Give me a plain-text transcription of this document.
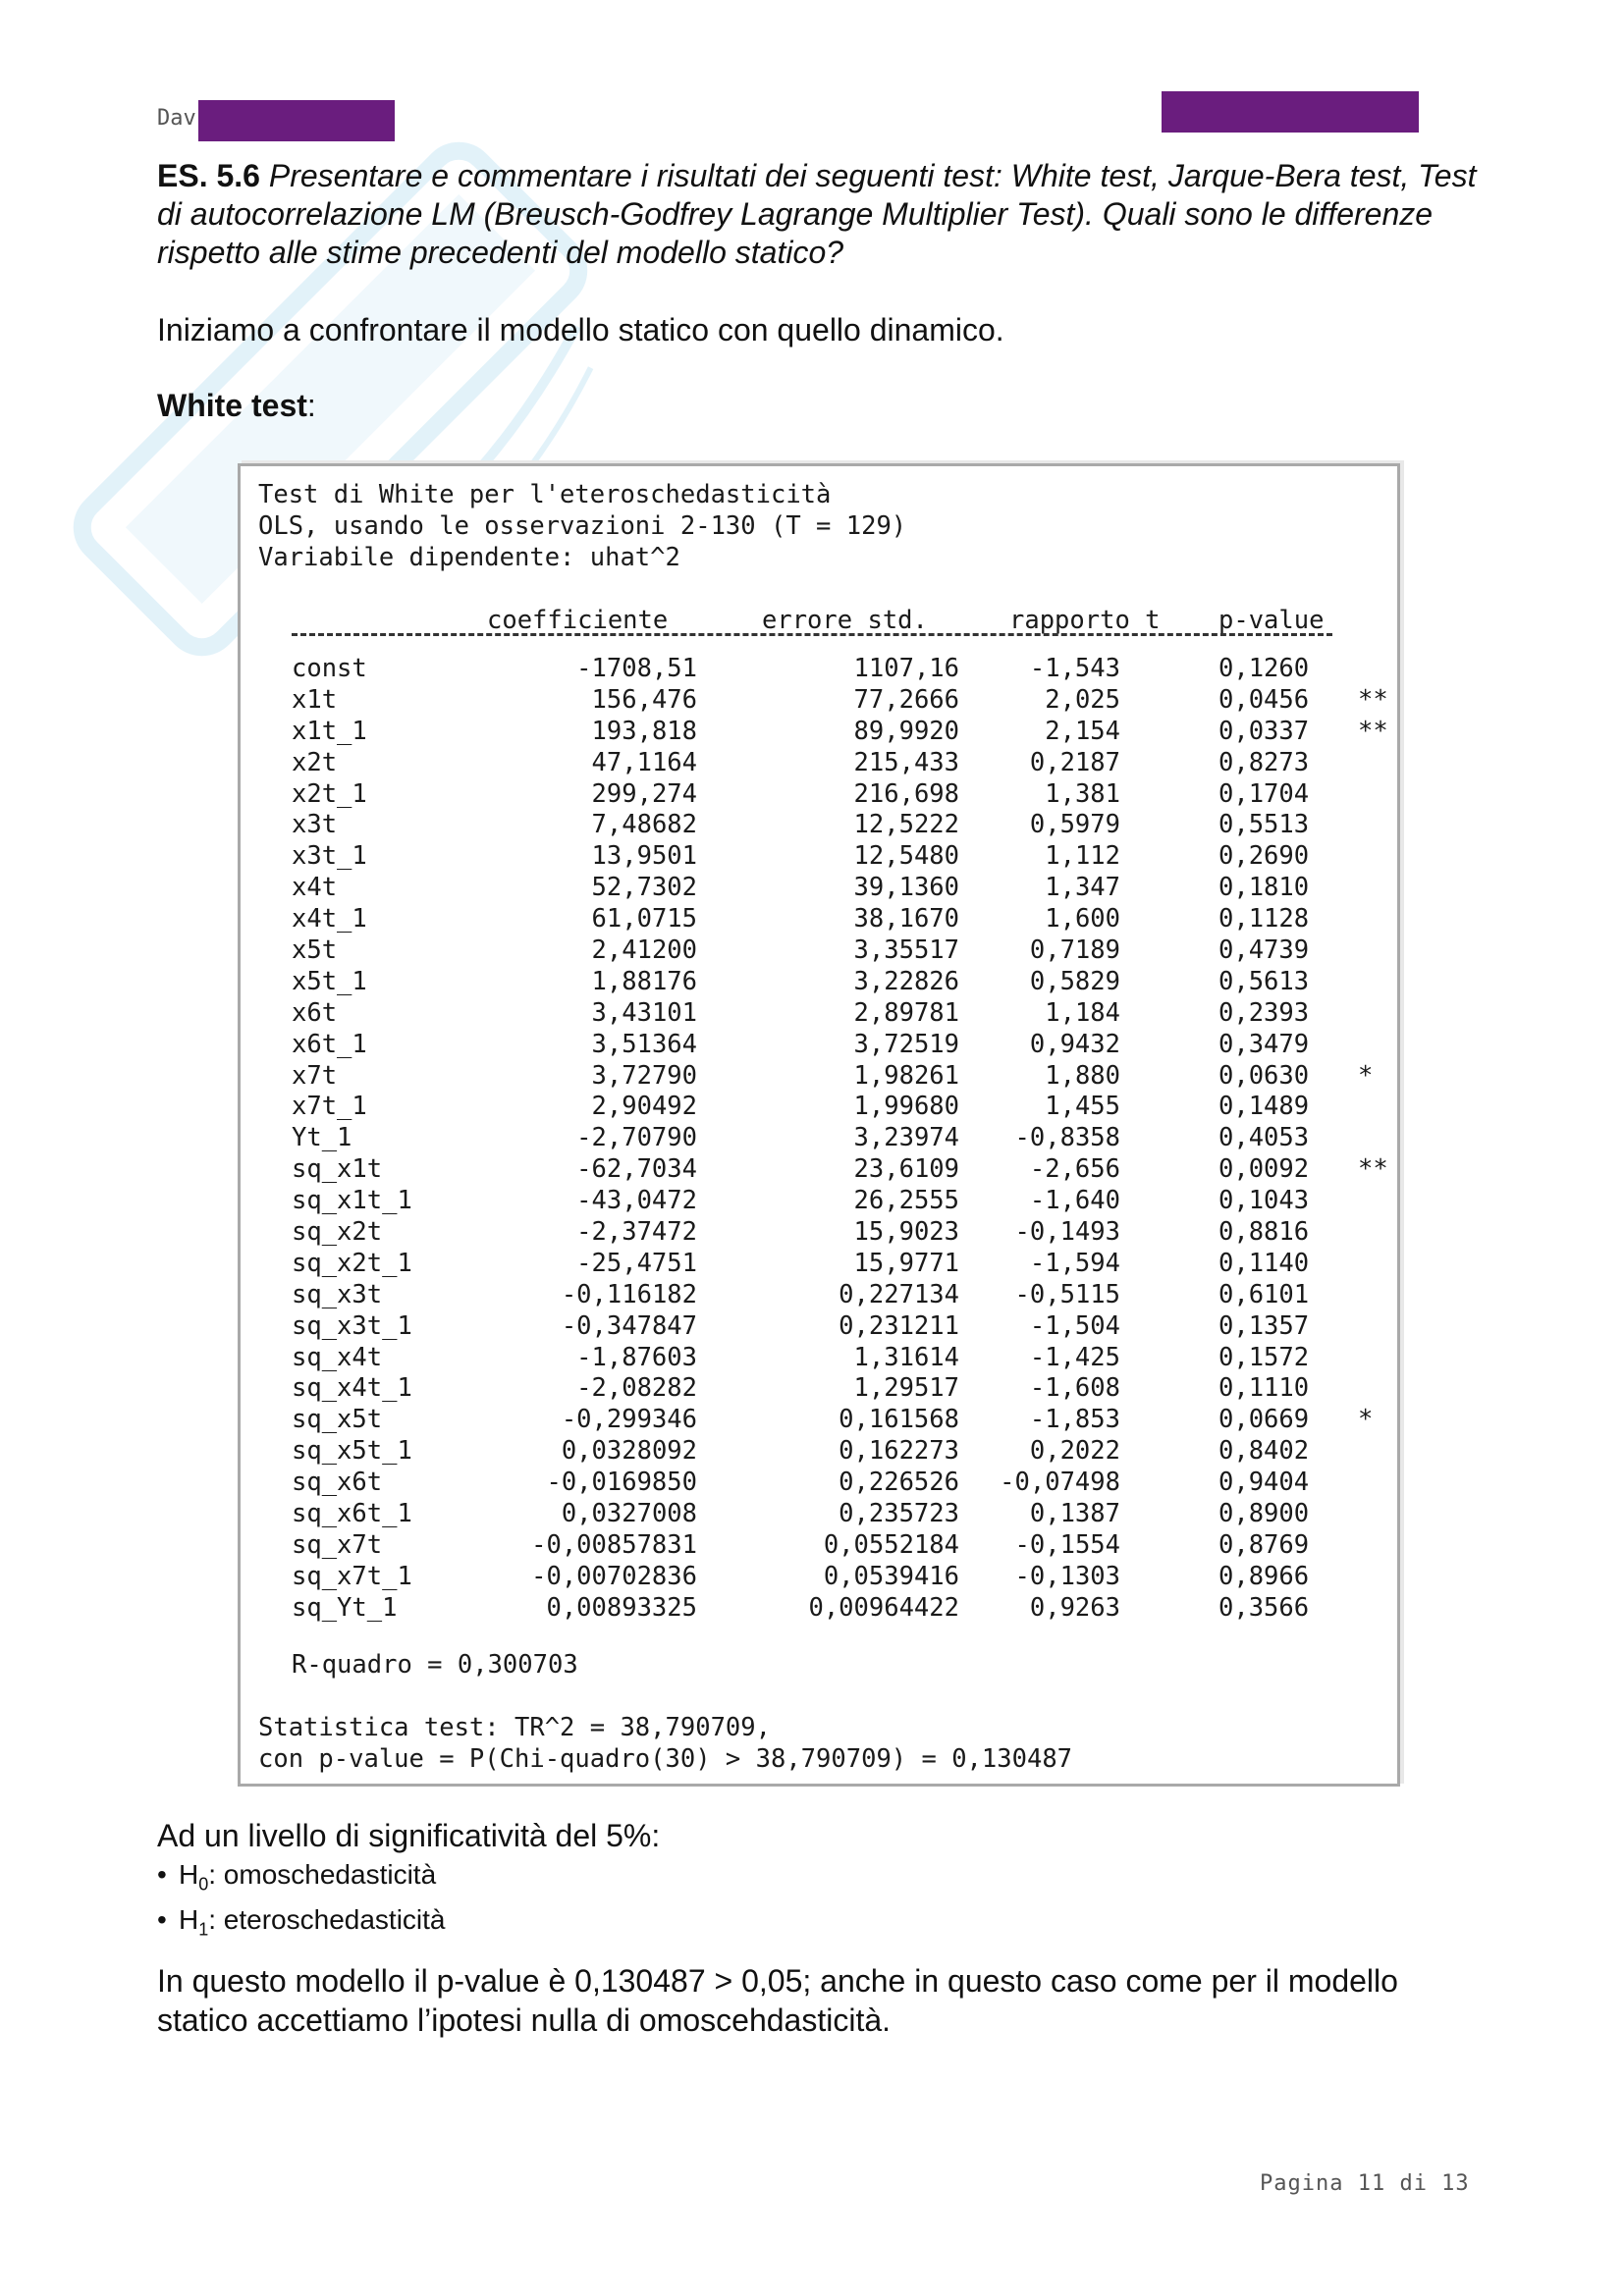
Dav
ES. 5.6 Presentare e commentare i risultati dei seguenti test: White test, Jarque-Bera test, Test di autocorrelazione LM (Breusch-Godfrey Lagrange Multiplier Test). Quali sono le differenze rispetto alle stime precedenti del modello statico?
Iniziamo a confrontare il modello statico con quello dinamico.
White test:
Test di White per l'eteroschedasticità
OLS, usando le osservazioni 2-130 (T = 129)
Variabile dipendente: uhat^2
coefficiente	errore std.	rapporto t p-value
const	-1708,51	1107,16	-1,543	0,1260
x1t	156,476	77,2666	2,025	0,0456 **
x1t_1	193,818	89,9920	2,154	0,0337 **
x2t	47,1164	215,433	0,2187	0,8273
x2t_1	299,274	216,698	1,381	0,1704
x3t	7,48682	12,5222	0,5979	0,5513
x3t_1	13,9501	12,5480	1,112	0,2690
x4t	52,7302	39,1360	1,347	0,1810
x4t_1	61,0715	38,1670	1,600	0,1128
x5t	2,41200	3,35517	0,7189	0,4739
x5t_1	1,88176	3,22826	0,5829	0,5613
x6t	3,43101	2,89781	1,184	0,2393
x6t_1	3,51364	3,72519	0,9432	0,3479
x7t	3,72790	1,98261	1,880	0,0630 *
x7t_1	2,90492	1,99680	1,455	0,1489
Yt_1	-2,70790	3,23974 -0,8358	0,4053
sq_x1t	-62,7034	23,6109	-2,656	0,0092 **
sq_x1t_1	-43,0472	26,2555	-1,640	0,1043
sq_x2t	-2,37472	15,9023 -0,1493	0,8816
sq_x2t_1	-25,4751	15,9771	-1,594	0,1140
sq_x3t	-0,116182	0,227134 -0,5115	0,6101
sq_x3t_1	-0,347847	0,231211	-1,504	0,1357
sq_x4t	-1,87603	1,31614	-1,425	0,1572
sq_x4t_1	-2,08282	1,29517	-1,608	0,1110
sq_x5t	-0,299346	0,161568	-1,853	0,0669 *
sq_x5t_1	0,0328092	0,162273	0,2022	0,8402
sq_x6t	-0,0169850	0,226526 -0,07498	0,9404
sq_x6t_1	0,0327008	0,235723	0,1387	0,8900
sq_x7t	-0,00857831	0,0552184 -0,1554	0,8769
sq_x7t_1	-0,00702836	0,0539416 -0,1303	0,8966
sq_Yt_1	0,00893325	0,00964422	0,9263	0,3566
R-quadro = 0,300703
Statistica test: TR^2 = 38,790709,
con p-value = P(Chi-quadro(30) > 38,790709) = 0,130487
Ad un livello di significatività del 5%:
• $H_0$: omoschedasticità
• $H_1$: eteroschedasticità
In questo modello il p-value è 0,130487 > 0,05; anche in questo caso come per il modello statico accettiamo l’ipotesi nulla di omoscehdasticità.
Pagina 11 di 13
